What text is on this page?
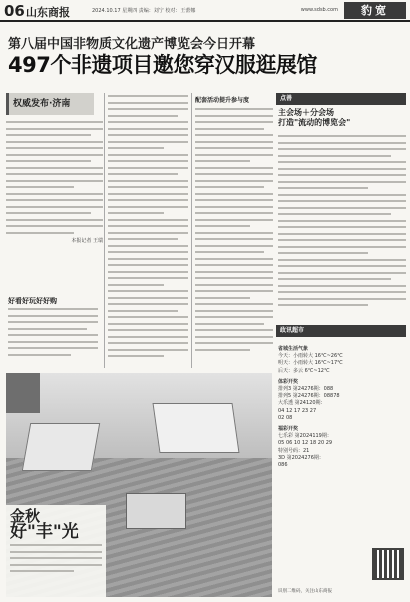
06 山东商报	2024.10.17 星期四 责编：刘宁 校对：王蕾娜	www.sdsb.com	豹宽
第八届中国非物质文化遗产博览会今日开幕
497个非遗项目邀您穿汉服逛展馆
权威发布·济南
本报记者 王瑞
好看好玩好好购
配套活动提升参与度	点善
主会场＋分会场
打造"流动的博览会"
政讯超市
省城生活气象
今天：小雨转大 16℃~26℃
明天：小雨转大 16℃~17℃
后天：多云 6℃~12℃
体彩开奖
排列3 第24276期：088
排列5 第24276期：08878
大乐透 第24120期：
04 12 17 23 27
02 08
福彩开奖
七乐彩 第2024119期：
05 06 10 12 18 20 29
特别号码：21
3D 第2024276期：
086
识别二维码，关注山东商报
金秋
好"丰"光
